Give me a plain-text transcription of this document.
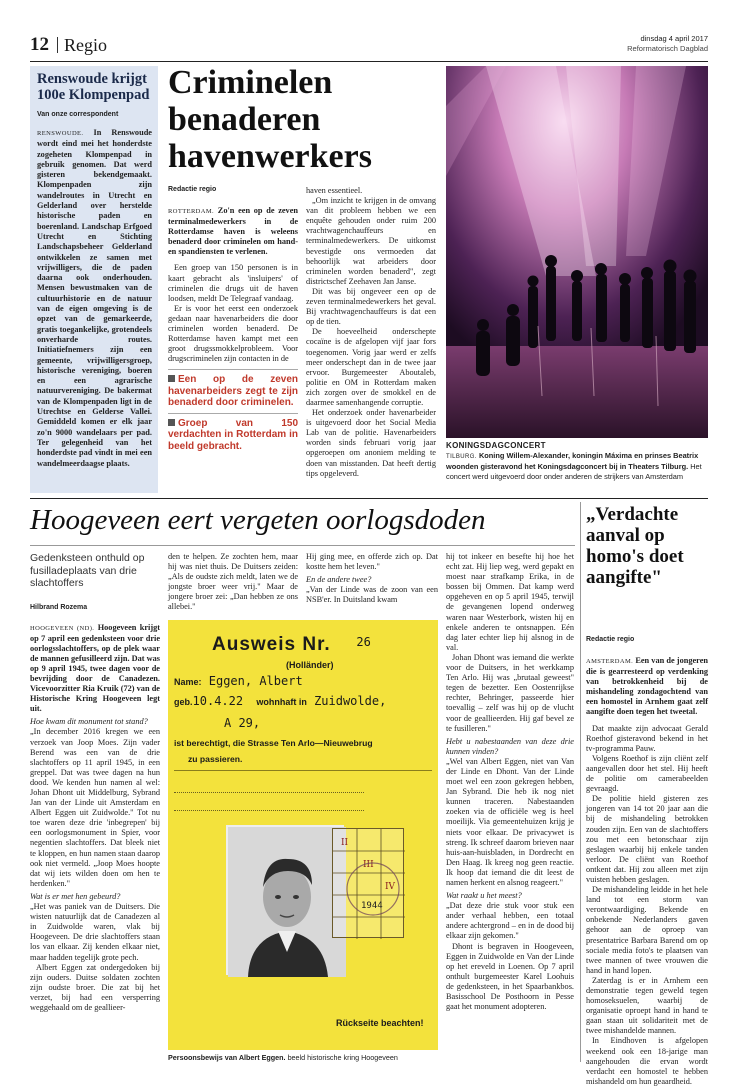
12 Regio	dinsdag 4 april 2017
Reformatorisch Dagblad
Renswoude krijgt 100e Klompenpad
Van onze correspondent
RENSWOUDE. In Renswoude wordt eind mei het honderdste zogeheten Klompenpad in gebruik genomen. Dat werd gisteren bekendgemaakt. Klompenpaden zijn wandelroutes in Utrecht en Gelderland over herstelde historische paden en boerenland. Landschap Erfgoed Utrecht en Stichting Landschapsbeheer Gelderland ontwikkelen ze samen met vrijwilligers, die de paden daarna ook onderhouden. Mensen bewustmaken van de cultuurhistorie en de natuur van de eigen omgeving is de opzet van de gemarkeerde, gratis toegankelijke, grotendeels onverharde routes. Initiatiefnemers zijn een gemeente, vrijwilligersgroep, historische vereniging, boeren en een agrarische natuurvereniging. De bakermat van de Klompenpaden ligt in de Utrechtse en Gelderse Vallei. Gemiddeld komen er elk jaar zo'n 9000 wandelaars per pad. Ter gelegenheid van het honderdste pad vindt in mei een wandelmeerdaagse plaats.
Criminelen benaderen havenwerkers
Redactie regio

ROTTERDAM. Zo'n een op de zeven terminalmedewerkers in de Rotterdamse haven is weleens benaderd door criminelen om hand- en spandiensten te verlenen.

Een groep van 150 personen is in kaart gebracht als 'insluipers' of criminelen die drugs uit de haven loodsen, meldt De Telegraaf vandaag.

Er is voor het eerst een onderzoek gedaan naar havenarbeiders die door criminelen worden benaderd. De Rotterdamse haven kampt met een groot drugssmokkelprobleem. Voor drugscriminelen zijn contacten in de

Een op de zeven havenarbeiders zegt te zijn benaderd door criminelen.
Groep van 150 verdachten in Rotterdam in beeld gebracht.

haven essentieel.

„Om inzicht te krijgen in de omvang van dit probleem hebben we een enquête gehouden onder ruim 200 vrachtwagenchauffeurs en terminalmedewerkers. De uitkomst bevestigde ons vermoeden dat behoorlijk wat arbeiders door criminelen worden benaderd", zegt districtschef Zeehaven Jan Janse.

Dit was bij ongeveer een op de zeven terminalmedewerkers het geval. Bij vrachtwagenchauffeurs is dat een op de tien.

De hoeveelheid onderschepte cocaïne is de afgelopen vijf jaar fors toegenomen. Vorig jaar werd er zelfs meer onderschept dan in de twee jaar ervoor. Burgemeester Aboutaleb, politie en OM in Rotterdam maken zich zorgen over de smokkel en de daarmee samenhangende corruptie.

Het onderzoek onder havenarbeider is uitgevoerd door het Social Media Lab van de politie. Havenarbeiders worden sinds februari vorig jaar opgeroepen om anoniem melding te doen van misstanden. Dat heeft dertig tips opgeleverd.

KONINGSDAGCONCERT
TILBURG. Koning Willem-Alexander, koningin Máxima en prinses Beatrix woonden gisteravond het Koningsdagconcert bij in Theaters Tilburg. Het concert werd uitgevoerd door onder anderen de strijkers van Amsterdam
Hoogeveen eert vergeten oorlogsdoden
Gedenksteen onthuld op fusilladeplaats van drie slachtoffers
Hilbrand Rozema

HOOGEVEEN (ND). Hoogeveen krijgt op 7 april een gedenksteen voor drie oorlogsslachtoffers, op de plek waar de mannen gefusilleerd zijn. Dat was op 9 april 1945, twee dagen voor de bevrijding door de Canadezen. Vicevoorzitter Ria Kruik (72) van de Historische Kring Hoogeveen legt uit.

Hoe kwam dit monument tot stand?

„In december 2016 kregen we een verzoek van Joop Moes. Zijn vader Berend was een van de drie slachtoffers op 11 april 1945, in een greppel. Dat was twee dagen na hun dood. We kenden hun namen al wel: Johan Dhont uit Middelburg, Sybrand Jan van der Linde uit Amsterdam en Albert Eggen uit Zuidwolde." Tot nu toe waren deze drie 'inbegrepen' bij een oorlogsmonument in Spier, voor negentien slachtoffers. Dat bleek niet te kloppen, en hun namen staan daarop ook niet vermeld. „Joop Moes hoopte dat wij iets wilden doen om hen te herdenken."

Wat is er met hen gebeurd?

„Het was paniek van de Duitsers. Die wisten natuurlijk dat de Canadezen al in Zuidwolde waren, vlak bij Hoogeveen. De drie slachtoffers staan los van elkaar. Zij kenden elkaar niet, maar hadden tegelijk grote pech.

Albert Eggen zat ondergedoken bij zijn ouders. Duitse soldaten zochten zijn oudste broer. Die zat bij het verzet, bij had een versperring weggehaald om de geallieer-

den te helpen. Ze zochten hem, maar hij was niet thuis. De Duitsers zeiden: „Als de oudste zich meldt, laten we de jongste broer weer vrij." Maar de jongere broer zei: „Dan hebben ze ons allebei."

Hij ging mee, en offerde zich op. Dat kostte hem het leven."

En de andere twee?

„Van der Linde was de zoon van een NSB'er. In Duitsland kwam

Ausweis Nr. $^{26}$
(Holländer)
Name: Eggen, Albert
geb.10.4.22 wohnhaft in Zuidwolde,
A 29,
ist berechtigt, die Strasse Ten Arlo—Nieuwebrug
zu passieren.
II
III
IV
1944
Rückseite beachten!
Persoonsbewijs van Albert Eggen. beeld historische kring Hoogeveen

hij tot inkeer en besefte hij hoe het echt zat. Hij liep weg, werd gepakt en moest naar strafkamp Erika, in de bossen bij Ommen. Dat kamp werd opgeheven en op 5 april 1945, terwijl de gevangenen lopend onderweg waren naar Westerbork, wisten hij en enkele anderen te ontsnappen. Eén dag later echter liep hij alsnog in de val.

Johan Dhont was iemand die werkte voor de Duitsers, in het werkkamp Ten Arlo. Hij was „brutaal geweest" tegen de bezetter. Een Oostenrijkse rechter, Behringer, passeerde hier toevallig – zelf was hij op de vlucht voor de geallieerden. Hij gaf bevel ze te fusilleren."

Hebt u nabestaanden van deze drie kunnen vinden?

„Wel van Albert Eggen, niet van Van der Linde en Dhont. Van der Linde moet wel een zoon gekregen hebben, Jan Sybrand. Die heb ik nog niet kunnen traceren. Nabestaanden zoeken via de officiële weg is heel moeilijk. Via gemeentehuizen krijg je niets voor elkaar. De privacywet is streng. Ik schreef daarom brieven naar huis-aan-huisbladen, in Dordrecht en Den Haag. Ik kreeg nog geen reactie. Ik hoop dat iemand die dit leest de namen herkent en alsnog reageert."

Wat raakt u het meest?

„Dat deze drie stuk voor stuk een ander verhaal hebben, een totaal andere achtergrond – en in de dood bij elkaar zijn gekomen."

Dhont is begraven in Hoogeveen, Eggen in Zuidwolde en Van der Linde op het ereveld in Loenen. Op 7 april onthult burgemeester Karel Loohuis de gedenksteen, in het Spaarbankbos. Basisschool De Posthoorn in Pesse gaat het monument adopteren.

„Verdachte aanval op homo's doet aangifte"
Redactie regio

AMSTERDAM. Een van de jongeren die is gearresteerd op verdenking van betrokkenheid bij de mishandeling zondagochtend van een homostel in Arnhem gaat zelf aangifte doen tegen het tweetal.

Dat maakte zijn advocaat Gerald Roethof gisteravond bekend in het tv-programma Pauw.

Volgens Roethof is zijn cliënt zelf aangevallen door het stel. Hij heeft de politie om camerabeelden gevraagd.

De politie hield gisteren zes jongeren van 14 tot 20 jaar aan die bij de mishandeling betrokken zouden zijn. Een van de slachtoffers zou met een betonschaar zijn geslagen waarbij hij enkele tanden verloor. De cliënt van Roethof ontkent dat. Hij zou alleen met zijn vuisten hebben geslagen.

De mishandeling leidde in het hele land tot een storm van verontwaardiging. Bekende en onbekende Nederlanders gaven gehoor aan de oproep van presentatrice Barbara Barend om op sociale media foto's te plaatsen van twee mannen of twee vrouwen die hand in hand lopen.

Zaterdag is er in Arnhem een demonstratie tegen geweld tegen homoseksuelen, waarbij de organisatie oproept hand in hand te gaan staan uit solidariteit met de twee mishandelde mannen.

In Eindhoven is afgelopen weekend ook een 18-jarige man aangehouden die ervan wordt verdacht een homostel te hebben mishandeld om hun geaardheid.
